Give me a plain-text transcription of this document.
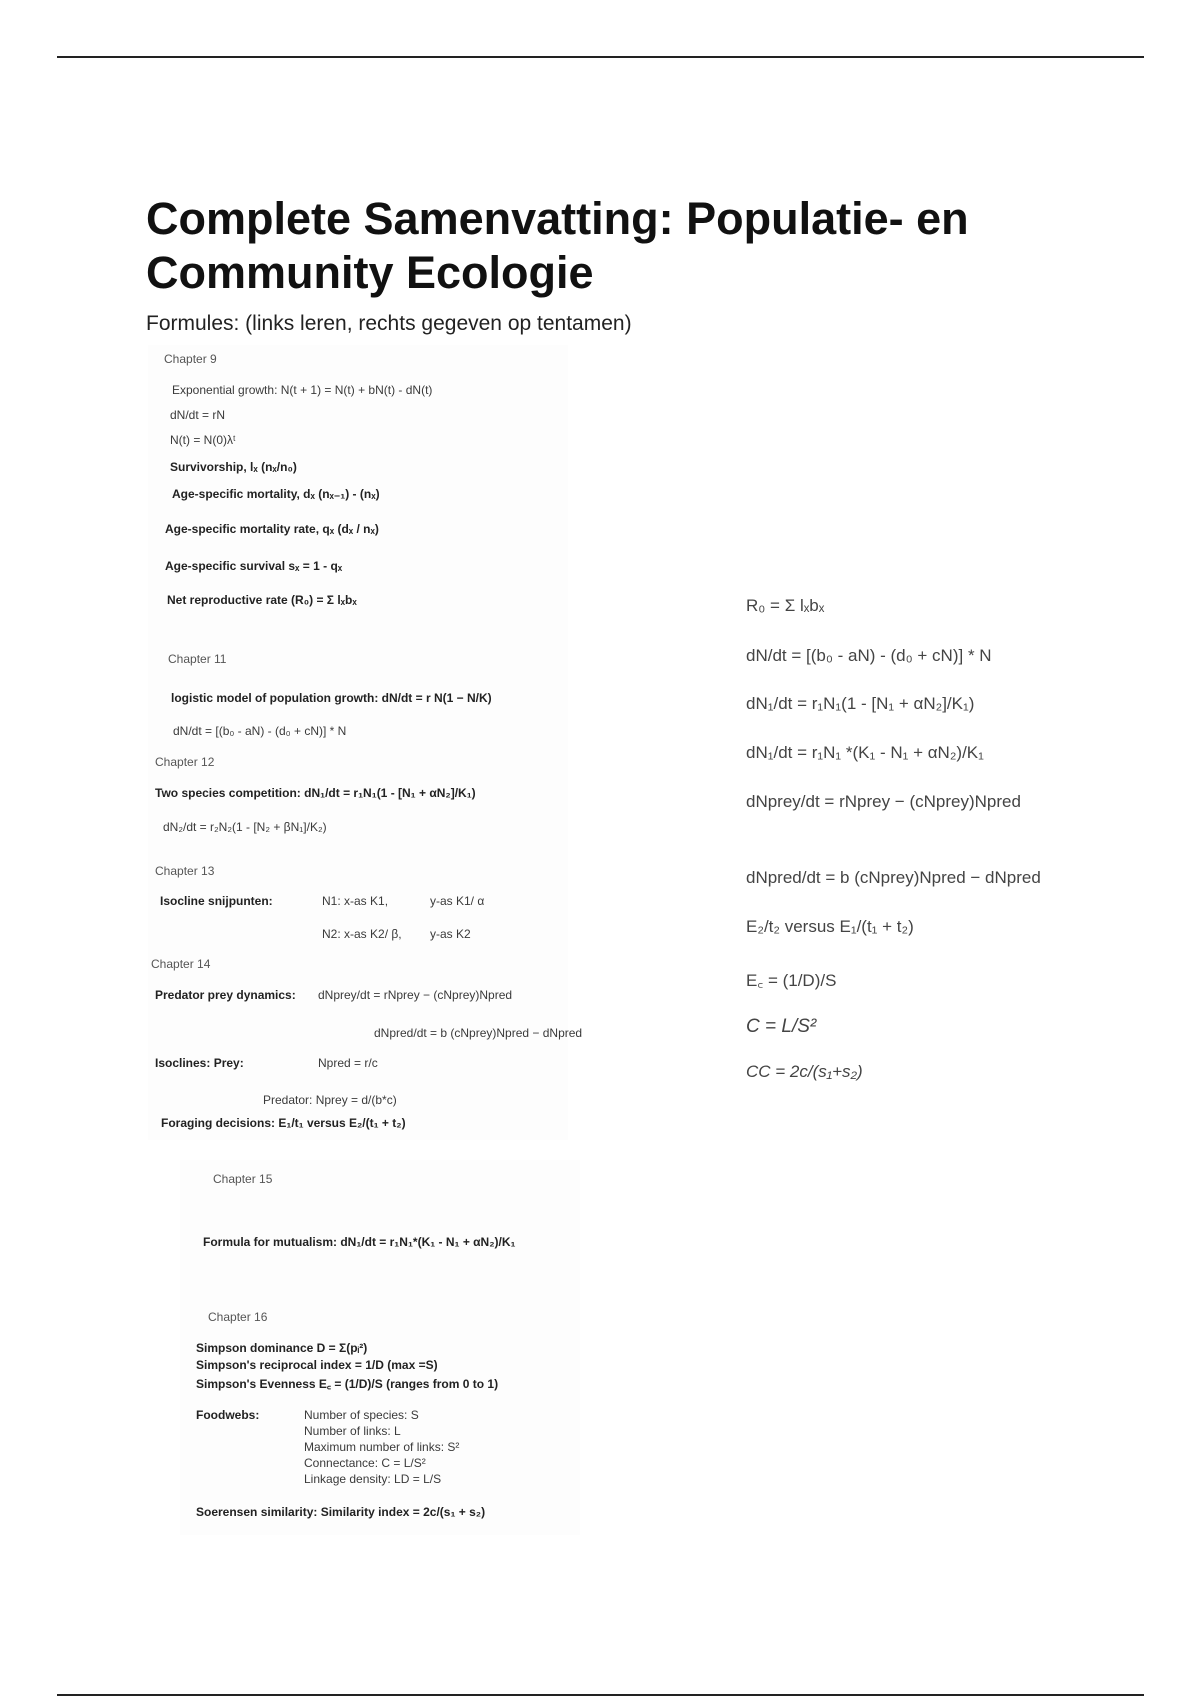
Complete Samenvatting: Populatie- en Community Ecologie
Formules: (links leren, rechts gegeven op tentamen)
Chapter 9
Exponential growth: N(t + 1) = N(t) + bN(t) - dN(t)
dN/dt = rN
N(t) = N(0)λᵗ
Survivorship, lₓ (nₓ/n₀)
Age-specific mortality, dₓ (nₓ₋₁) - (nₓ)
Age-specific mortality rate, qₓ (dₓ / nₓ)
Age-specific survival sₓ = 1 - qₓ
Net reproductive rate (R₀) = Σ lₓbₓ
Chapter 11
logistic model of population growth: dN/dt = r N(1 − N/K)
dN/dt = [(b₀ - aN) - (d₀ + cN)] * N
Chapter 12
Two species competition: dN₁/dt = r₁N₁(1 - [N₁ + αN₂]/K₁)
dN₂/dt = r₂N₂(1 - [N₂ + βN₁]/K₂)
Chapter 13
Isocline snijpunten:	N1: x-as K1,	y-as K1/ α
N2: x-as K2/ β, y-as K2
Chapter 14
Predator prey dynamics: dNprey/dt = rNprey − (cNprey)Npred
dNpred/dt = b (cNprey)Npred − dNpred
Isoclines: Prey:	Npred = r/c
Predator: Nprey = d/(b*c)
Foraging decisions: E₁/t₁ versus E₂/(t₁ + t₂)
Chapter 15
Formula for mutualism: dN₁/dt = r₁N₁*(K₁ - N₁ + αN₂)/K₁
Chapter 16
Simpson dominance D = Σ(pᵢ²)
Simpson's reciprocal index = 1/D (max =S)
Simpson's Evenness E꜀ = (1/D)/S (ranges from 0 to 1)
Foodwebs:	Number of species: S
Number of links: L
Maximum number of links: S²
Connectance: C = L/S²
Linkage density: LD = L/S
Soerensen similarity: Similarity index = 2c/(s₁ + s₂)
R₀ = Σ lₓbₓ
dN/dt = [(b₀ - aN) - (d₀ + cN)] * N
dN₁/dt = r₁N₁(1 - [N₁ + αN₂]/K₁)
dN₁/dt = r₁N₁ *(K₁ - N₁ + αN₂)/K₁
dNprey/dt = rNprey − (cNprey)Npred
dNpred/dt = b (cNprey)Npred − dNpred
E₂/t₂ versus E₁/(t₁ + t₂)
E꜀ = (1/D)/S
C = L/S²
CC = 2c/(s₁+s₂)
